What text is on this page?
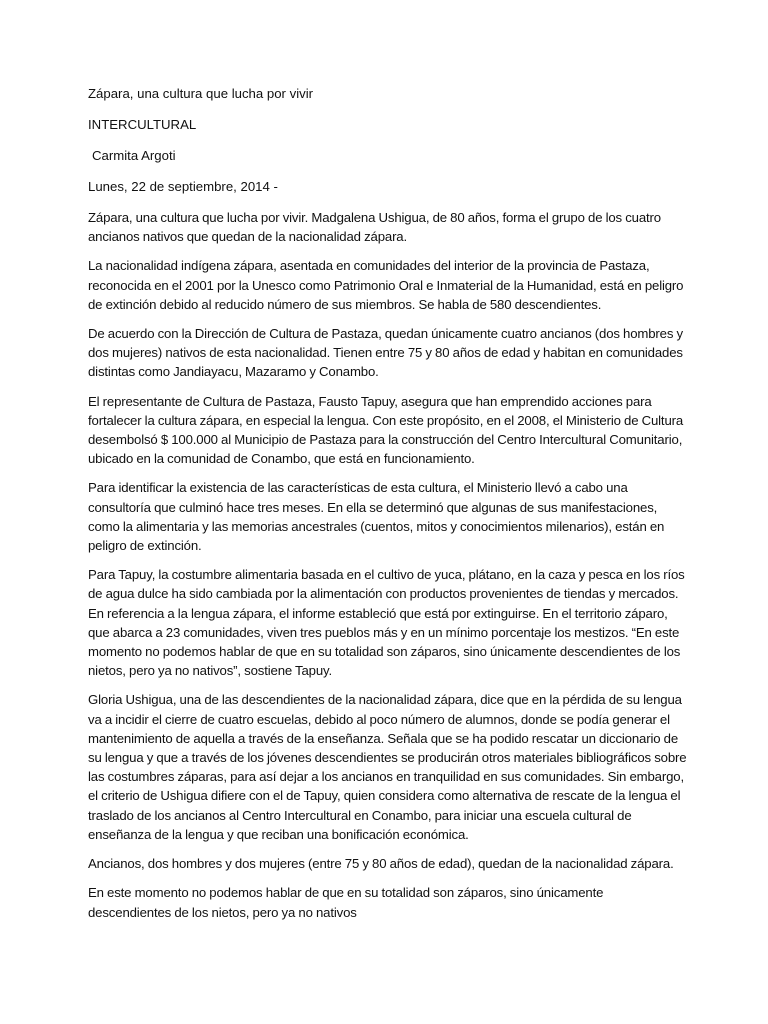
Zápara, una cultura que lucha por vivir

INTERCULTURAL

Carmita Argoti

Lunes, 22 de septiembre, 2014 -

Zápara, una cultura que lucha por vivir. Madgalena Ushigua, de 80 años, forma el grupo de los cuatro ancianos nativos que quedan de la nacionalidad zápara.

La nacionalidad indígena zápara, asentada en comunidades del interior de la provincia de Pastaza, reconocida en el 2001 por la Unesco como Patrimonio Oral e Inmaterial de la Humanidad, está en peligro de extinción debido al reducido número de sus miembros. Se habla de 580 descendientes.

De acuerdo con la Dirección de Cultura de Pastaza, quedan únicamente cuatro ancianos (dos hombres y dos mujeres) nativos de esta nacionalidad. Tienen entre 75 y 80 años de edad y habitan en comunidades distintas como Jandiayacu, Mazaramo y Conambo.

El representante de Cultura de Pastaza, Fausto Tapuy, asegura que han emprendido acciones para fortalecer la cultura zápara, en especial la lengua. Con este propósito, en el 2008, el Ministerio de Cultura desembolsó $ 100.000 al Municipio de Pastaza para la construcción del Centro Intercultural Comunitario, ubicado en la comunidad de Conambo, que está en funcionamiento.

Para identificar la existencia de las características de esta cultura, el Ministerio llevó a cabo una consultoría que culminó hace tres meses. En ella se determinó que algunas de sus manifestaciones, como la alimentaria y las memorias ancestrales (cuentos, mitos y conocimientos milenarios), están en peligro de extinción.

Para Tapuy, la costumbre alimentaria basada en el cultivo de yuca, plátano, en la caza y pesca en los ríos de agua dulce ha sido cambiada por la alimentación con productos provenientes de tiendas y mercados. En referencia a la lengua zápara, el informe estableció que está por extinguirse. En el territorio záparo, que abarca a 23 comunidades, viven tres pueblos más y en un mínimo porcentaje los mestizos. “En este momento no podemos hablar de que en su totalidad son záparos, sino únicamente descendientes de los nietos, pero ya no nativos”, sostiene Tapuy.

Gloria Ushigua, una de las descendientes de la nacionalidad zápara, dice que en la pérdida de su lengua va a incidir el cierre de cuatro escuelas, debido al poco número de alumnos, donde se podía generar el mantenimiento de aquella a través de la enseñanza. Señala que se ha podido rescatar un diccionario de su lengua y que a través de los jóvenes descendientes se producirán otros materiales bibliográficos sobre las costumbres záparas, para así dejar a los ancianos en tranquilidad en sus comunidades. Sin embargo, el criterio de Ushigua difiere con el de Tapuy, quien considera como alternativa de rescate de la lengua el traslado de los ancianos al Centro Intercultural en Conambo, para iniciar una escuela cultural de enseñanza de la lengua y que reciban una bonificación económica.

Ancianos, dos hombres y dos mujeres (entre 75 y 80 años de edad), quedan de la nacionalidad zápara.

En este momento no podemos hablar de que en su totalidad son záparos, sino únicamente descendientes de los nietos, pero ya no nativos
